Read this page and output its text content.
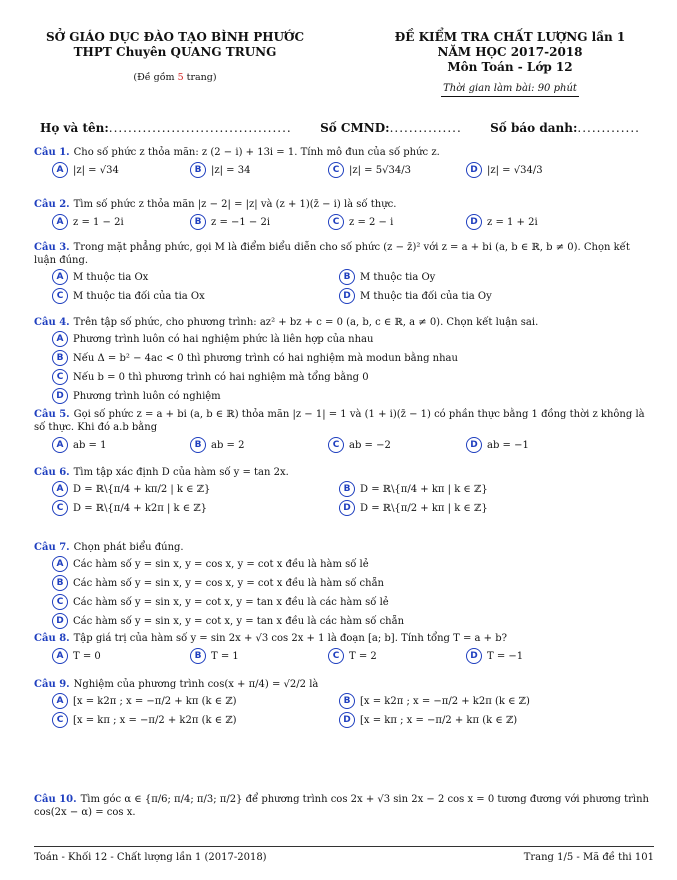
SỞ GIÁO DỤC ĐÀO TẠO BÌNH PHƯỚC
THPT Chuyên QUANG TRUNG
(Đề gồm 5 trang)
ĐỀ KIỂM TRA CHẤT LƯỢNG lần 1
NĂM HỌC 2017-2018
Môn Toán - Lớp 12
Thời gian làm bài: 90 phút
Họ và tên:...................................... Số CMND:............... Số báo danh:.............
Câu 1. Cho số phức z thỏa mãn: z (2 − i) + 13i = 1. Tính mô đun của số phức z.
A |z| = √34	B |z| = 34	C |z| = 5√34/3	D |z| = √34/3
Câu 2. Tìm số phức z thỏa mãn |z − 2| = |z| và (z + 1)(z̄ − i) là số thực.
A z = 1 − 2i	B z = −1 − 2i	C z = 2 − i	D z = 1 + 2i
Câu 3. Trong mặt phẳng phức, gọi M là điểm biểu diễn cho số phức (z − z̄)² với z = a + bi (a, b ∈ ℝ, b ≠ 0). Chọn kết luận đúng.
A M thuộc tia Ox	B M thuộc tia Oy
C M thuộc tia đối của tia Ox	D M thuộc tia đối của tia Oy
Câu 4. Trên tập số phức, cho phương trình: az² + bz + c = 0 (a, b, c ∈ ℝ, a ≠ 0). Chọn kết luận sai.
A Phương trình luôn có hai nghiệm phức là liên hợp của nhau
B Nếu Δ = b² − 4ac < 0 thì phương trình có hai nghiệm mà modun bằng nhau
C Nếu b = 0 thì phương trình có hai nghiệm mà tổng bằng 0
D Phương trình luôn có nghiệm
Câu 5. Gọi số phức z = a + bi (a, b ∈ ℝ) thỏa mãn |z − 1| = 1 và (1 + i)(z̄ − 1) có phần thực bằng 1 đồng thời z không là số thực. Khi đó a.b bằng
A ab = 1	B ab = 2	C ab = −2	D ab = −1
Câu 6. Tìm tập xác định D của hàm số y = tan 2x.
A D = ℝ\{π/4 + kπ/2 | k ∈ ℤ}	B D = ℝ\{π/4 + kπ | k ∈ ℤ}
C D = ℝ\{π/4 + k2π | k ∈ ℤ}	D D = ℝ\{π/2 + kπ | k ∈ ℤ}
Câu 7. Chọn phát biểu đúng.
A Các hàm số y = sin x, y = cos x, y = cot x đều là hàm số lẻ
B Các hàm số y = sin x, y = cos x, y = cot x đều là hàm số chẵn
C Các hàm số y = sin x, y = cot x, y = tan x đều là các hàm số lẻ
D Các hàm số y = sin x, y = cot x, y = tan x đều là các hàm số chẵn
Câu 8. Tập giá trị của hàm số y = sin 2x + √3 cos 2x + 1 là đoạn [a; b]. Tính tổng T = a + b?
A T = 0	B T = 1	C T = 2	D T = −1
Câu 9. Nghiệm của phương trình cos(x + π/4) = √2/2 là
A [x = k2π ; x = −π/2 + kπ (k ∈ ℤ)	B [x = k2π ; x = −π/2 + k2π (k ∈ ℤ)
C [x = kπ ; x = −π/2 + k2π (k ∈ ℤ)	D [x = kπ ; x = −π/2 + kπ (k ∈ ℤ)
Câu 10. Tìm góc α ∈ {π/6; π/4; π/3; π/2} để phương trình cos 2x + √3 sin 2x − 2 cos x = 0 tương đương với phương trình cos(2x − α) = cos x.
Toán - Khối 12 - Chất lượng lần 1 (2017-2018)	Trang 1/5 - Mã đề thi 101
